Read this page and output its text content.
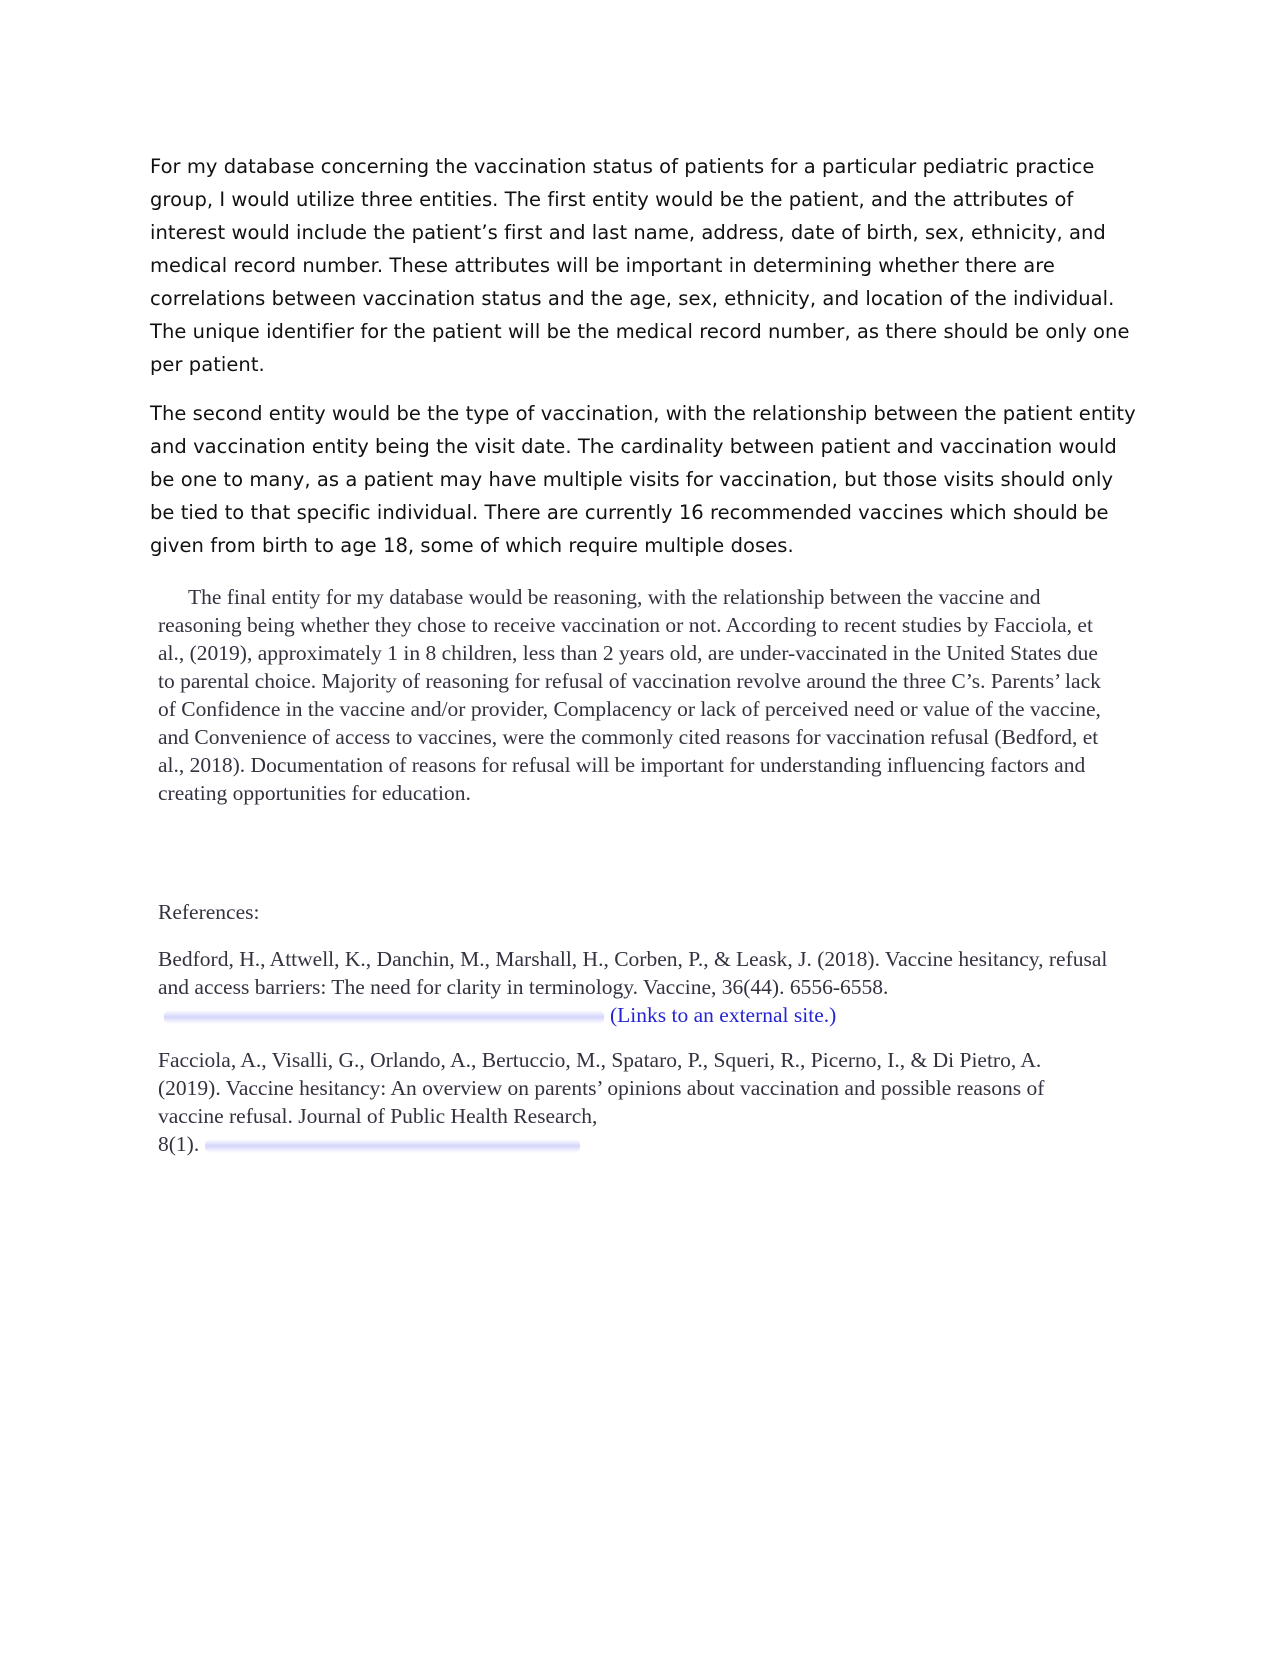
For my database concerning the vaccination status of patients for a particular pediatric practice group, I would utilize three entities. The first entity would be the patient, and the attributes of interest would include the patient’s first and last name, address, date of birth, sex, ethnicity, and medical record number. These attributes will be important in determining whether there are correlations between vaccination status and the age, sex, ethnicity, and location of the individual. The unique identifier for the patient will be the medical record number, as there should be only one per patient.

The second entity would be the type of vaccination, with the relationship between the patient entity and vaccination entity being the visit date. The cardinality between patient and vaccination would be one to many, as a patient may have multiple visits for vaccination, but those visits should only be tied to that specific individual. There are currently 16 recommended vaccines which should be given from birth to age 18, some of which require multiple doses.

The final entity for my database would be reasoning, with the relationship between the vaccine and reasoning being whether they chose to receive vaccination or not. According to recent studies by Facciola, et al., (2019), approximately 1 in 8 children, less than 2 years old, are under-vaccinated in the United States due to parental choice. Majority of reasoning for refusal of vaccination revolve around the three C’s. Parents’ lack of Confidence in the vaccine and/or provider, Complacency or lack of perceived need or value of the vaccine, and Convenience of access to vaccines, were the commonly cited reasons for vaccination refusal (Bedford, et al., 2018). Documentation of reasons for refusal will be important for understanding influencing factors and creating opportunities for education.

References:

Bedford, H., Attwell, K., Danchin, M., Marshall, H., Corben, P., & Leask, J. (2018). Vaccine hesitancy, refusal and access barriers: The need for clarity in terminology. Vaccine, 36(44). 6556-6558.(Links to an external site.)

Facciola, A., Visalli, G., Orlando, A., Bertuccio, M., Spataro, P., Squeri, R., Picerno, I., & Di Pietro, A. (2019). Vaccine hesitancy: An overview on parents’ opinions about vaccination and possible reasons of vaccine refusal. Journal of Public Health Research,
8(1).
